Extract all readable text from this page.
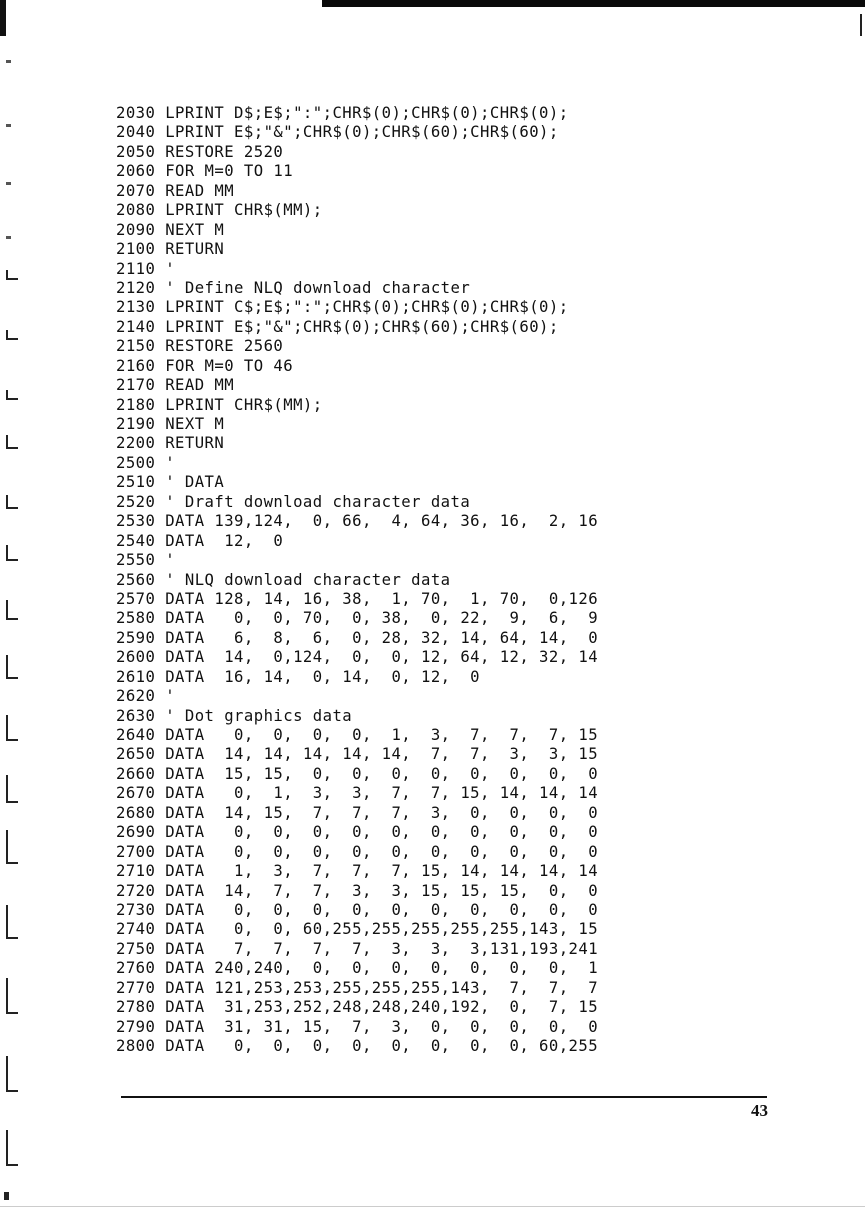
2030 LPRINT D$;E$;":";CHR$(0);CHR$(0);CHR$(0);
2040 LPRINT E$;"&";CHR$(0);CHR$(60);CHR$(60);
2050 RESTORE 2520
2060 FOR M=0 TO 11
2070 READ MM
2080 LPRINT CHR$(MM);
2090 NEXT M
2100 RETURN
2110 '
2120 ' Define NLQ download character
2130 LPRINT C$;E$;":";CHR$(0);CHR$(0);CHR$(0);
2140 LPRINT E$;"&";CHR$(0);CHR$(60);CHR$(60);
2150 RESTORE 2560
2160 FOR M=0 TO 46
2170 READ MM
2180 LPRINT CHR$(MM);
2190 NEXT M
2200 RETURN
2500 '
2510 ' DATA
2520 ' Draft download character data
2530 DATA 139,124,  0, 66,  4, 64, 36, 16,  2, 16
2540 DATA  12,  0
2550 '
2560 ' NLQ download character data
2570 DATA 128, 14, 16, 38,  1, 70,  1, 70,  0,126
2580 DATA   0,  0, 70,  0, 38,  0, 22,  9,  6,  9
2590 DATA   6,  8,  6,  0, 28, 32, 14, 64, 14,  0
2600 DATA  14,  0,124,  0,  0, 12, 64, 12, 32, 14
2610 DATA  16, 14,  0, 14,  0, 12,  0
2620 '
2630 ' Dot graphics data
2640 DATA   0,  0,  0,  0,  1,  3,  7,  7,  7, 15
2650 DATA  14, 14, 14, 14, 14,  7,  7,  3,  3, 15
2660 DATA  15, 15,  0,  0,  0,  0,  0,  0,  0,  0
2670 DATA   0,  1,  3,  3,  7,  7, 15, 14, 14, 14
2680 DATA  14, 15,  7,  7,  7,  3,  0,  0,  0,  0
2690 DATA   0,  0,  0,  0,  0,  0,  0,  0,  0,  0
2700 DATA   0,  0,  0,  0,  0,  0,  0,  0,  0,  0
2710 DATA   1,  3,  7,  7,  7, 15, 14, 14, 14, 14
2720 DATA  14,  7,  7,  3,  3, 15, 15, 15,  0,  0
2730 DATA   0,  0,  0,  0,  0,  0,  0,  0,  0,  0
2740 DATA   0,  0, 60,255,255,255,255,255,143, 15
2750 DATA   7,  7,  7,  7,  3,  3,  3,131,193,241
2760 DATA 240,240,  0,  0,  0,  0,  0,  0,  0,  1
2770 DATA 121,253,253,255,255,255,143,  7,  7,  7
2780 DATA  31,253,252,248,248,240,192,  0,  7, 15
2790 DATA  31, 31, 15,  7,  3,  0,  0,  0,  0,  0
2800 DATA   0,  0,  0,  0,  0,  0,  0,  0, 60,255
43
